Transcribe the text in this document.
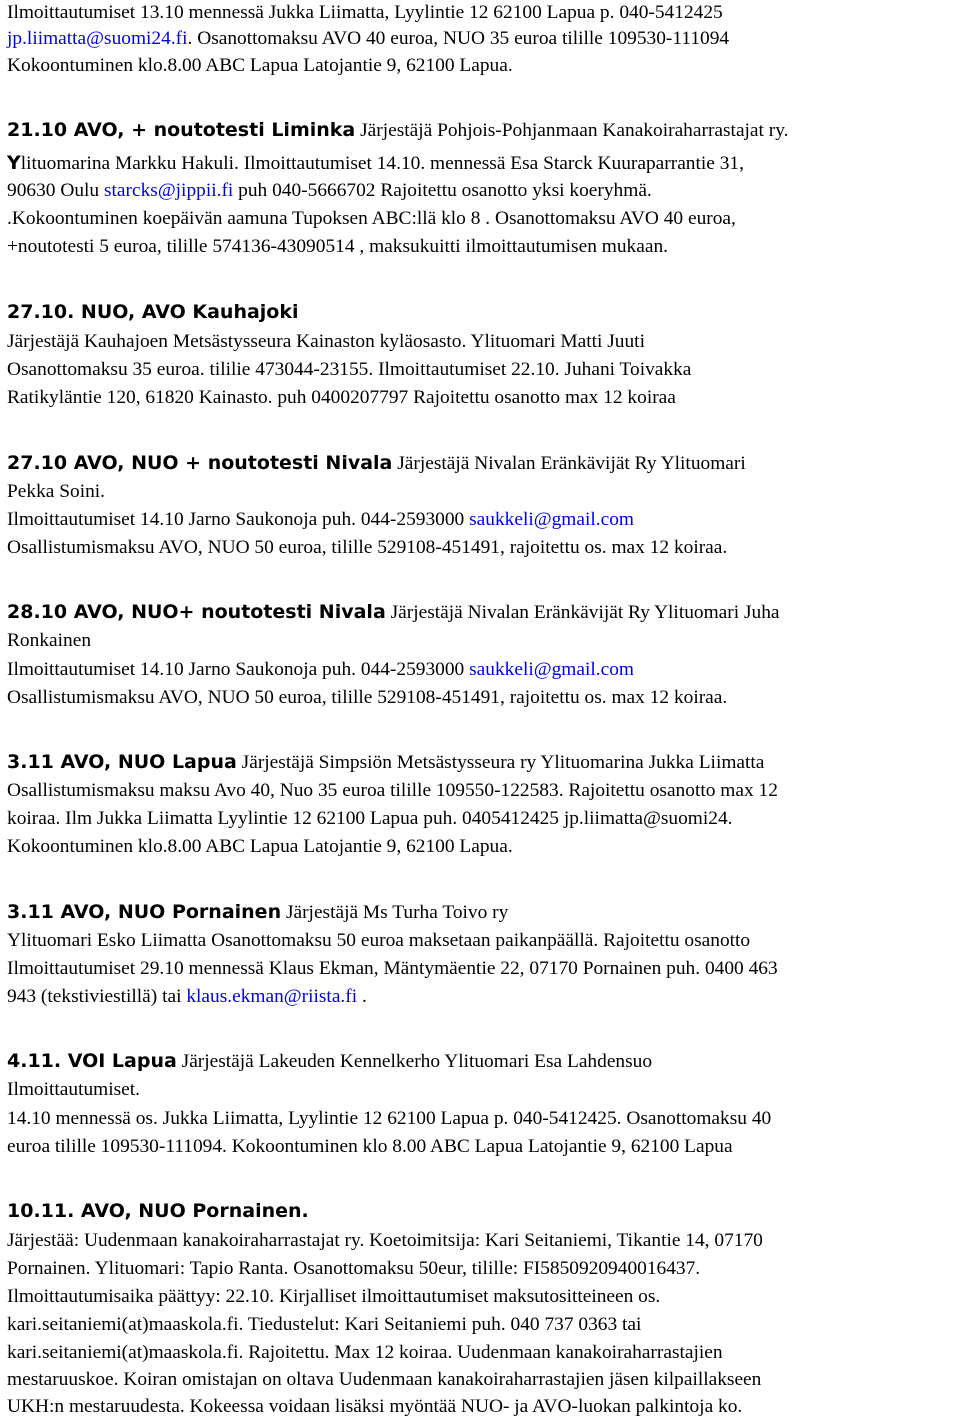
Ilmoittautumiset 13.10 mennessä Jukka Liimatta, Lyylintie 12 62100 Lapua p. 040-5412425
jp.liimatta@suomi24.fi. Osanottomaksu AVO 40 euroa, NUO 35 euroa tilille 109530-111094
Kokoontuminen klo.8.00 ABC Lapua Latojantie 9, 62100 Lapua.
21.10 AVO, + noutotesti Liminka Järjestäjä Pohjois-Pohjanmaan Kanakoiraharrastajat ry.
Ylituomarina Markku Hakuli. Ilmoittautumiset 14.10. mennessä Esa Starck Kuuraparrantie 31,
90630 Oulu starcks@jippii.fi puh 040-5666702 Rajoitettu osanotto yksi koeryhmä.
.Kokoontuminen koepäivän aamuna Tupoksen ABC:llä klo 8 . Osanottomaksu AVO 40 euroa,
+noutotesti 5 euroa, tilille 574136-43090514 , maksukuitti ilmoittautumisen mukaan.
27.10. NUO, AVO Kauhajoki
Järjestäjä Kauhajoen Metsästysseura Kainaston kyläosasto. Ylituomari Matti Juuti
Osanottomaksu 35 euroa. tililie 473044-23155. Ilmoittautumiset 22.10. Juhani Toivakka
Ratikyläntie 120, 61820 Kainasto. puh 0400207797 Rajoitettu osanotto max 12 koiraa
27.10 AVO, NUO + noutotesti Nivala Järjestäjä Nivalan Eränkävijät Ry Ylituomari
Pekka Soini.
Ilmoittautumiset 14.10 Jarno Saukonoja puh. 044-2593000 saukkeli@gmail.com
Osallistumismaksu AVO, NUO 50 euroa, tilille 529108-451491, rajoitettu os. max 12 koiraa.
28.10 AVO, NUO+ noutotesti Nivala Järjestäjä Nivalan Eränkävijät Ry Ylituomari Juha
Ronkainen
Ilmoittautumiset 14.10 Jarno Saukonoja puh. 044-2593000 saukkeli@gmail.com
Osallistumismaksu AVO, NUO 50 euroa, tilille 529108-451491, rajoitettu os. max 12 koiraa.
3.11 AVO, NUO Lapua Järjestäjä Simpsiön Metsästysseura ry Ylituomarina Jukka Liimatta
Osallistumismaksu maksu Avo 40, Nuo 35 euroa tilille 109550-122583. Rajoitettu osanotto max 12
koiraa. Ilm Jukka Liimatta Lyylintie 12 62100 Lapua puh. 0405412425 jp.liimatta@suomi24.
Kokoontuminen klo.8.00 ABC Lapua Latojantie 9, 62100 Lapua.
3.11 AVO, NUO Pornainen Järjestäjä Ms Turha Toivo ry
Ylituomari Esko Liimatta Osanottomaksu 50 euroa maksetaan paikanpäällä. Rajoitettu osanotto
Ilmoittautumiset 29.10 mennessä Klaus Ekman, Mäntymäentie 22, 07170 Pornainen puh. 0400 463
943 (tekstiviestillä) tai klaus.ekman@riista.fi .
4.11. VOI Lapua Järjestäjä Lakeuden Kennelkerho Ylituomari Esa Lahdensuo
Ilmoittautumiset.
14.10 mennessä os. Jukka Liimatta, Lyylintie 12 62100 Lapua p. 040-5412425. Osanottomaksu 40
euroa tilille 109530-111094. Kokoontuminen klo 8.00 ABC Lapua Latojantie 9, 62100 Lapua
10.11. AVO, NUO Pornainen.
Järjestää: Uudenmaan kanakoiraharrastajat ry. Koetoimitsija: Kari Seitaniemi, Tikantie 14, 07170
Pornainen. Ylituomari: Tapio Ranta. Osanottomaksu 50eur, tilille: FI5850920940016437.
Ilmoittautumisaika päättyy: 22.10. Kirjalliset ilmoittautumiset maksutositteineen os.
kari.seitaniemi(at)maaskola.fi. Tiedustelut: Kari Seitaniemi puh. 040 737 0363 tai
kari.seitaniemi(at)maaskola.fi. Rajoitettu. Max 12 koiraa. Uudenmaan kanakoiraharrastajien
mestaruuskoe. Koiran omistajan on oltava Uudenmaan kanakoiraharrastajien jäsen kilpaillakseen
UKH:n mestaruudesta. Kokeessa voidaan lisäksi myöntää NUO- ja AVO-luokan palkintoja ko.
